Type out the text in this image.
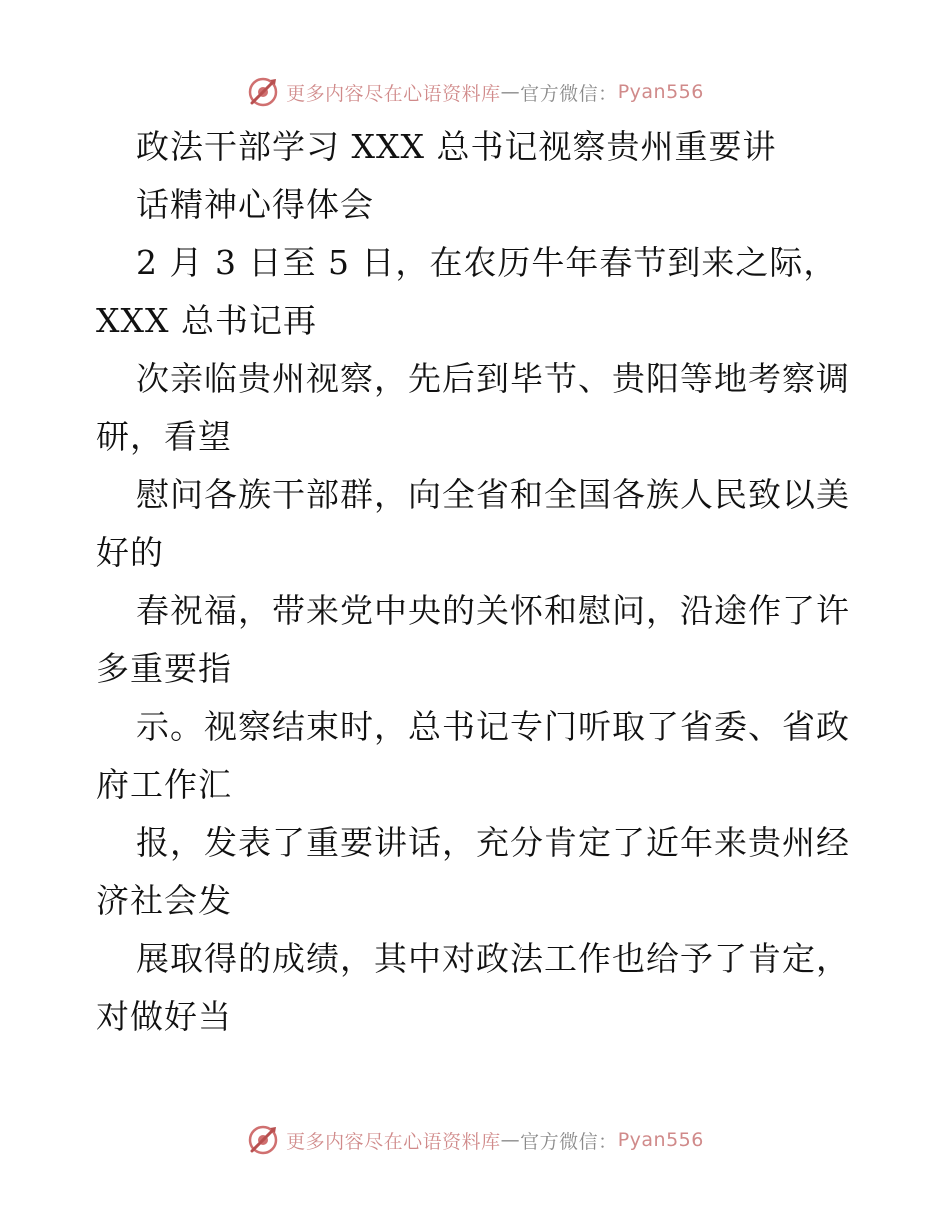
更多内容尽在心语资料库 — 官方微信： Pyan556
政法干部学习 XXX 总书记视察贵州重要讲
话精神心得体会
2 月 3 日至 5 日，在农历牛年春节到来之际，
XXX 总书记再
次亲临贵州视察，先后到毕节、贵阳等地考察调
研，看望
慰问各族干部群，向全省和全国各族人民致以美
好的
春祝福，带来党中央的关怀和慰问，沿途作了许
多重要指
示。视察结束时，总书记专门听取了省委、省政
府工作汇
报，发表了重要讲话，充分肯定了近年来贵州经
济社会发
展取得的成绩，其中对政法工作也给予了肯定，
对做好当
更多内容尽在心语资料库 — 官方微信： Pyan556
